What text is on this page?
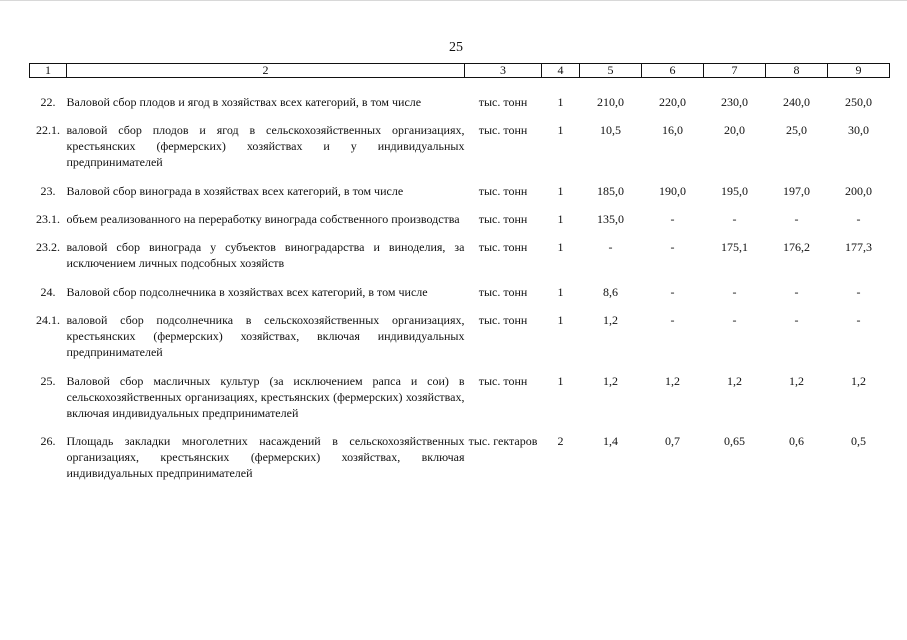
25
1	2	3	4	5	6	7	8	9

22.	Валовой сбор плодов и ягод в хозяйствах всех категорий, в том числе	тыс. тонн	1	210,0	220,0	230,0	240,0	250,0

22.1.	валовой сбор плодов и ягод в сельскохозяйственных организациях, крестьянских (фермерских) хозяйствах и у индивидуальных предпринимателей	тыс. тонн	1	10,5	16,0	20,0	25,0	30,0

23.	Валовой сбор винограда в хозяйствах всех категорий, в том числе	тыс. тонн	1	185,0	190,0	195,0	197,0	200,0

23.1.	объем реализованного на переработку винограда собственного производства	тыс. тонн	1	135,0	-	-	-	-

23.2.	валовой сбор винограда у субъектов виноградарства и виноделия, за исключением личных подсобных хозяйств	тыс. тонн	1	-	-	175,1	176,2	177,3

24.	Валовой сбор подсолнечника в хозяйствах всех категорий, в том числе	тыс. тонн	1	8,6	-	-	-	-

24.1.	валовой сбор подсолнечника в сельскохозяйственных организациях, крестьянских (фермерских) хозяйствах, включая индивидуальных предпринимателей	тыс. тонн	1	1,2	-	-	-	-

25.	Валовой сбор масличных культур (за исключением рапса и сои) в сельскохозяйственных организациях, крестьянских (фермерских) хозяйствах, включая индивидуальных предпринимателей	тыс. тонн	1	1,2	1,2	1,2	1,2	1,2

26.	Площадь закладки многолетних насаждений в сельскохозяйственных организациях, крестьянских (фермерских) хозяйствах, включая индивидуальных предпринимателей	тыс. гектаров	2	1,4	0,7	0,65	0,6	0,5
